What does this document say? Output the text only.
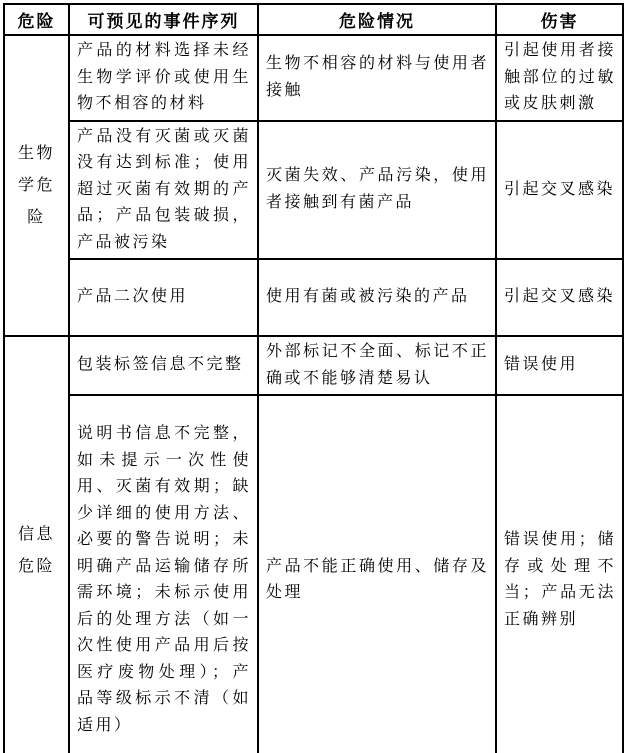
危险	可预见的事件序列	危险情况	伤害
生物学危险	产品的材料选择未经生物学评价或使用生物不相容的材料	生物不相容的材料与使用者接触	引起使用者接触部位的过敏或皮肤刺激
	产品没有灭菌或灭菌没有达到标准；使用超过灭菌有效期的产品；产品包装破损，产品被污染	灭菌失效、产品污染，使用者接触到有菌产品	引起交叉感染
	产品二次使用	使用有菌或被污染的产品	引起交叉感染
信息危险	包装标签信息不完整	外部标记不全面、标记不正确或不能够清楚易认	错误使用
	说明书信息不完整，如未提示一次性使用、灭菌有效期；缺少详细的使用方法、必要的警告说明；未明确产品运输储存所需环境；未标示使用后的处理方法（如一次性使用产品用后按医疗废物处理）；产品等级标示不清（如适用）	产品不能正确使用、储存及处理	错误使用；储存或处理不当；产品无法正确辨别
